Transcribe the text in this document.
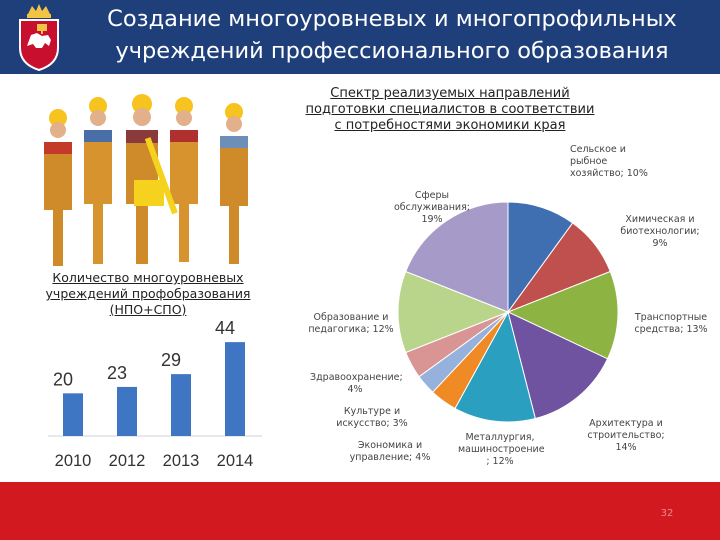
Создание многоуровневых и многопрофильных
учреждений профессионального образования
Количество многоуровневых учреждений профобразования (НПО+СПО)
20
2010
23
2012
29
2013
44
2014
Спектр реализуемых направлений подготовки специалистов в соответствии с потребностями экономики края
Сельское и рыбное хозяйство; 10%
Химическая и биотехнологии; 9%
Транспортные средства; 13%
Архитектура и строительство; 14%
Металлургия, машиностроение ; 12%
Экономика и управление; 4%
Культуре и искусство; 3%
Здравоохранение; 4%
Образование и педагогика; 12%
Сферы обслуживания; 19%
32
